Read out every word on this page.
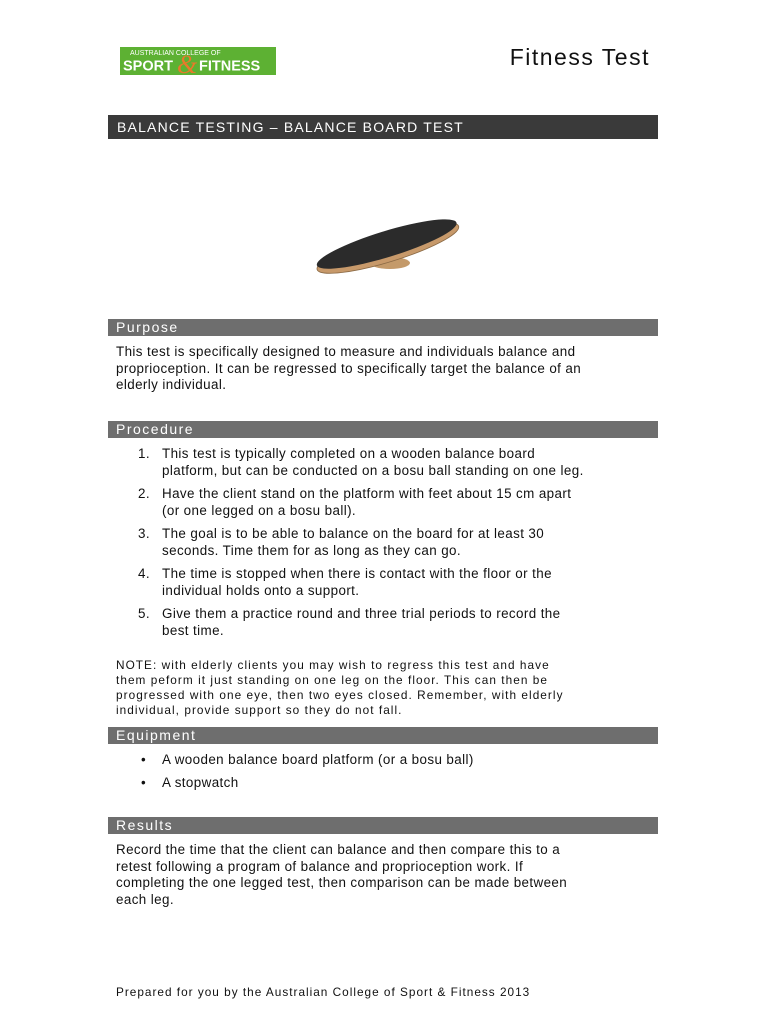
AUSTRALIAN COLLEGE OF
SPORT & FITNESS	Fitness Test
BALANCE TESTING – BALANCE BOARD TEST
Purpose

This test is specifically designed to measure and individuals balance and
proprioception. It can be regressed to specifically target the balance of an
elderly individual.

Procedure
1. This test is typically completed on a wooden balance board
platform, but can be conducted on a bosu ball standing on one leg.
2. Have the client stand on the platform with feet about 15 cm apart
(or one legged on a bosu ball).
3. The goal is to be able to balance on the board for at least 30
seconds. Time them for as long as they can go.
4. The time is stopped when there is contact with the floor or the
individual holds onto a support.
5. Give them a practice round and three trial periods to record the
best time.

NOTE: with elderly clients you may wish to regress this test and have
them peform it just standing on one leg on the floor. This can then be
progressed with one eye, then two eyes closed. Remember, with elderly
individual, provide support so they do not fall.

Equipment
• A wooden balance board platform (or a bosu ball)
• A stopwatch
Results

Record the time that the client can balance and then compare this to a
retest following a program of balance and proprioception work. If
completing the one legged test, then comparison can be made between
each leg.

Prepared for you by the Australian College of Sport & Fitness 2013
